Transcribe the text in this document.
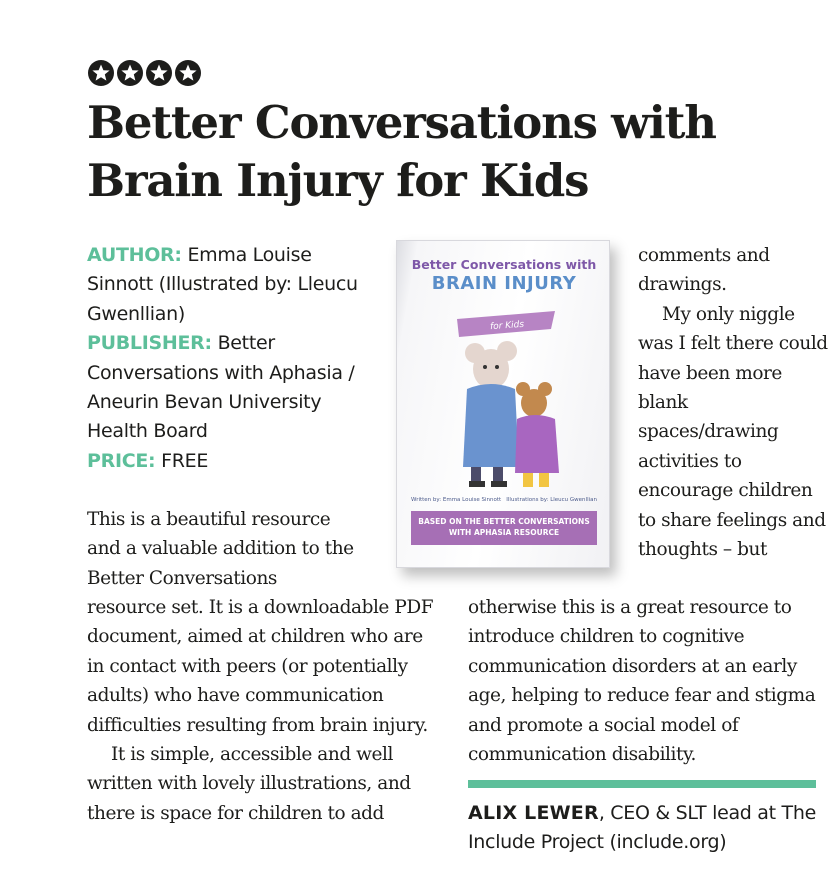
Better Conversations with
Brain Injury for Kids
AUTHOR: Emma Louise Sinnott (Illustrated by: Lleucu Gwenllian)
PUBLISHER: Better Conversations with Aphasia / Aneurin Bevan University Health Board
PRICE: FREE
Better Conversations with
BRAIN INJURY
for Kids
Written by: Emma Louise Sinnott Illustrations by: Lleucu Gwenllian
BASED ON THE BETTER CONVERSATIONS WITH APHASIA RESOURCE

This is a beautiful resource and a valuable addition to the Better Conversations

resource set. It is a downloadable PDF document, aimed at children who are in contact with peers (or potentially adults) who have communication difficulties resulting from brain injury.

It is simple, accessible and well written with lovely illustrations, and there is space for children to add

comments and drawings.

My only niggle was I felt there could have been more blank spaces/drawing activities to encourage children to share feelings and thoughts – but

otherwise this is a great resource to introduce children to cognitive communication disorders at an early age, helping to reduce fear and stigma and promote a social model of communication disability.

ALIX LEWER, CEO & SLT lead at The Include Project (include.org)
